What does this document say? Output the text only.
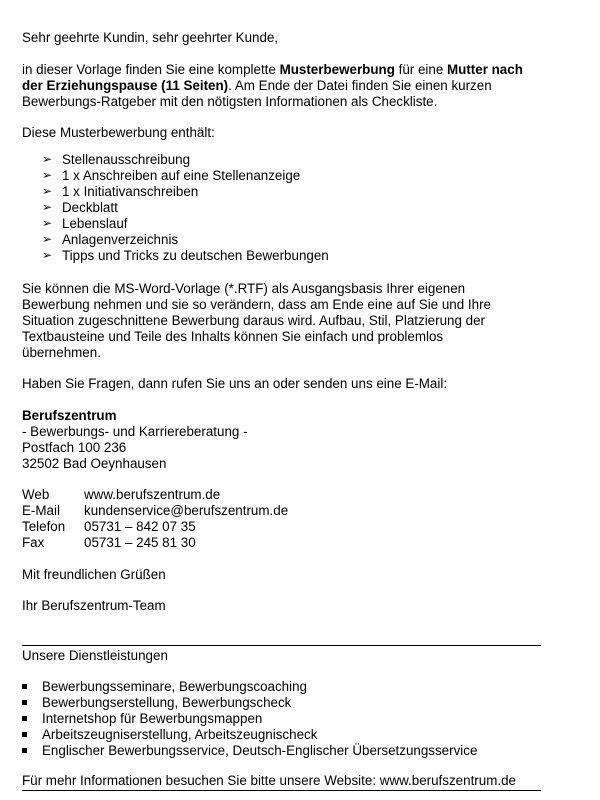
Sehr geehrte Kundin, sehr geehrter Kunde,
in dieser Vorlage finden Sie eine komplette Musterbewerbung für eine Mutter nach
der Erziehungspause (11 Seiten). Am Ende der Datei finden Sie einen kurzen
Bewerbungs-Ratgeber mit den nötigsten Informationen als Checkliste.
Diese Musterbewerbung enthält:
➢ Stellenausschreibung
➢ 1 x Anschreiben auf eine Stellenanzeige
➢ 1 x Initiativanschreiben
➢ Deckblatt
➢ Lebenslauf
➢ Anlagenverzeichnis
➢ Tipps und Tricks zu deutschen Bewerbungen
Sie können die MS-Word-Vorlage (*.RTF) als Ausgangsbasis Ihrer eigenen
Bewerbung nehmen und sie so verändern, dass am Ende eine auf Sie und Ihre
Situation zugeschnittene Bewerbung daraus wird. Aufbau, Stil, Platzierung der
Textbausteine und Teile des Inhalts können Sie einfach und problemlos
übernehmen.
Haben Sie Fragen, dann rufen Sie uns an oder senden uns eine E-Mail:
Berufszentrum
- Bewerbungs- und Karriereberatung -
Postfach 100 236
32502 Bad Oeynhausen
Web	www.berufszentrum.de
E-Mail kundenservice@berufszentrum.de
Telefon 05731 – 842 07 35
Fax	05731 – 245 81 30
Mit freundlichen Grüßen
Ihr Berufszentrum-Team
Unsere Dienstleistungen
Bewerbungsseminare, Bewerbungscoaching
Bewerbungserstellung, Bewerbungscheck
Internetshop für Bewerbungsmappen
Arbeitszeugniserstellung, Arbeitszeugnischeck
Englischer Bewerbungsservice, Deutsch-Englischer Übersetzungsservice
Für mehr Informationen besuchen Sie bitte unsere Website: www.berufszentrum.de
